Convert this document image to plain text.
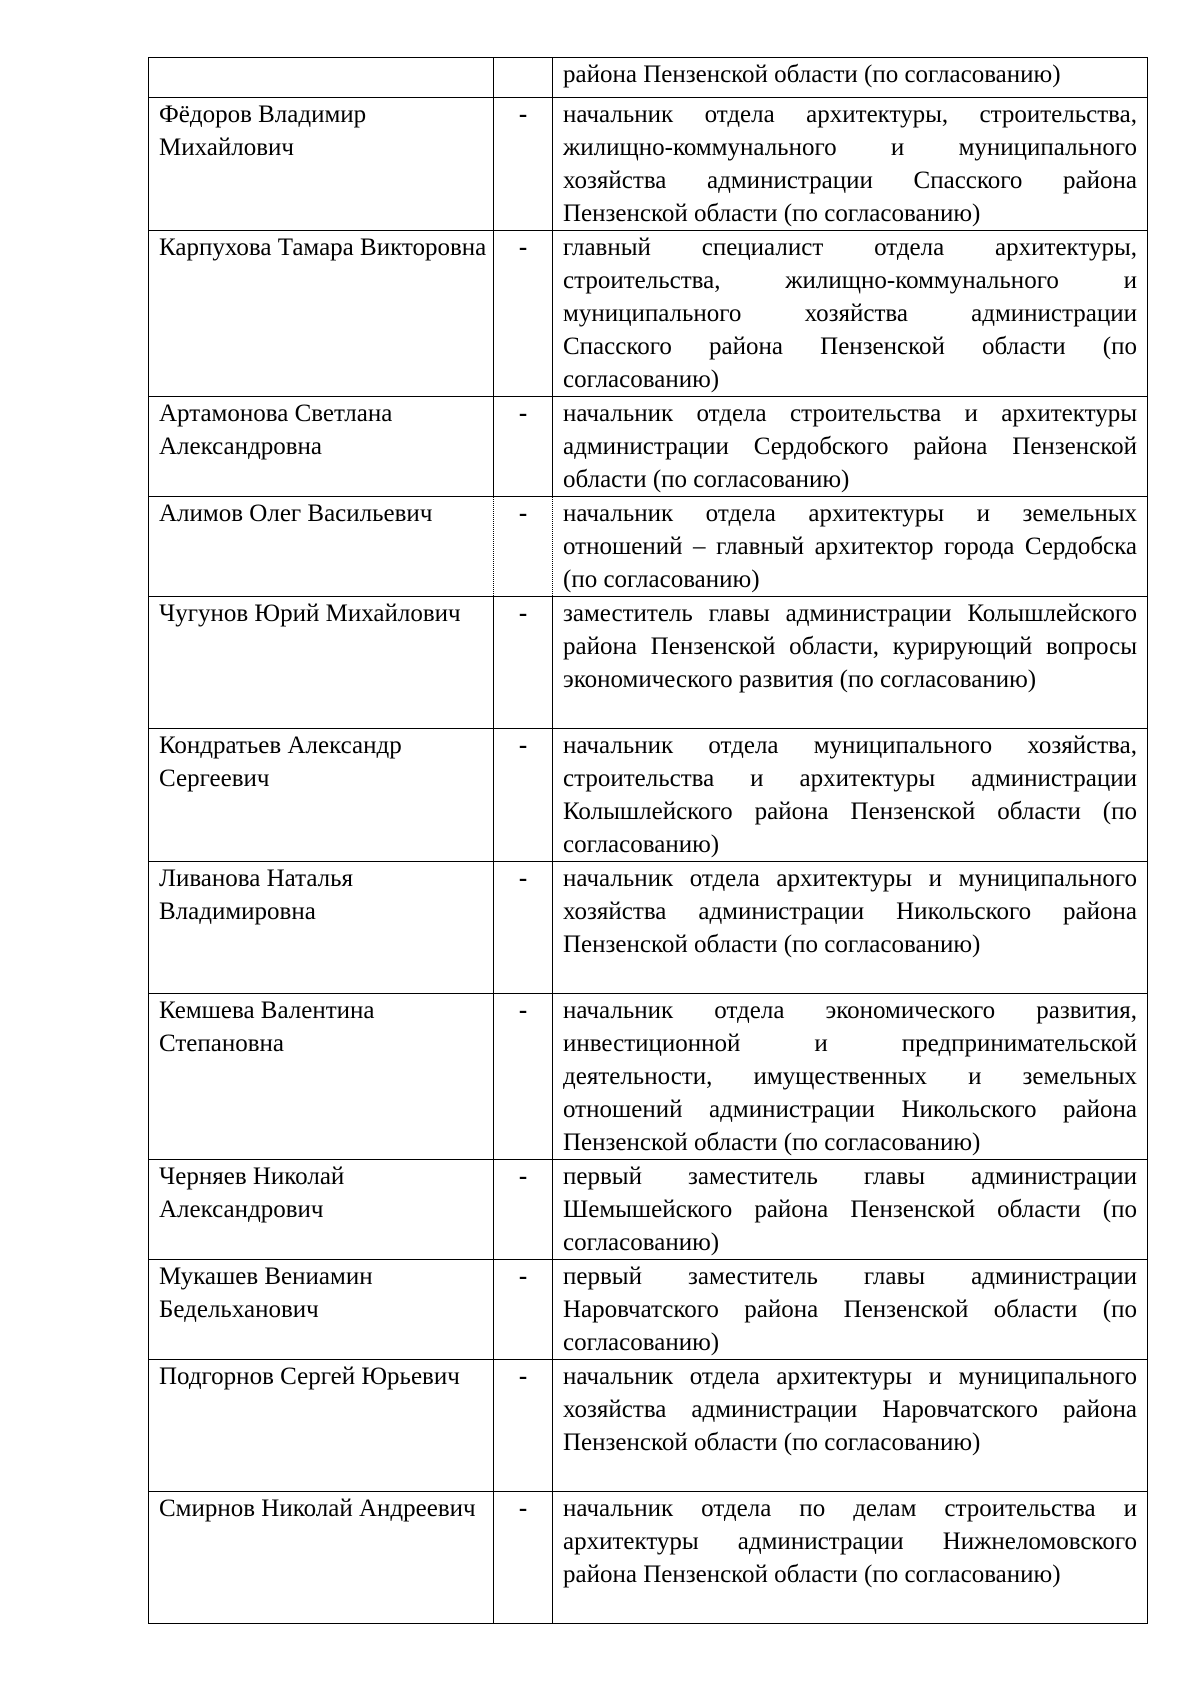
		района Пензенской области (по согласованию)
Фёдоров Владимир Михайлович	-	начальник отдела архитектуры, строительства, жилищно-коммунального и муниципального хозяйства администрации Спасского района Пензенской области (по согласованию)
Карпухова Тамара Викторовна	-	главный специалист отдела архитектуры, строительства, жилищно-коммунального и муниципального хозяйства администрации Спасского района Пензенской области (по согласованию)
Артамонова Светлана Александровна	-	начальник отдела строительства и архитектуры администрации Сердобского района Пензенской области (по согласованию)
Алимов Олег Васильевич	-	начальник отдела архитектуры и земельных отношений – главный архитектор города Сердобска (по согласованию)
Чугунов Юрий Михайлович	-	заместитель главы администрации Колышлейского района Пензенской области, курирующий вопросы экономического развития (по согласованию)
Кондратьев Александр Сергеевич	-	начальник отдела муниципального хозяйства, строительства и архитектуры администрации Колышлейского района Пензенской области (по согласованию)
Ливанова Наталья Владимировна	-	начальник отдела архитектуры и муниципального хозяйства администрации Никольского района Пензенской области (по согласованию)
Кемшева Валентина Степановна	-	начальник отдела экономического развития, инвестиционной и предпринимательской деятельности, имущественных и земельных отношений администрации Никольского района Пензенской области (по согласованию)
Черняев Николай Александрович	-	первый заместитель главы администрации Шемышейского района Пензенской области (по согласованию)
Мукашев Вениамин Бедельханович	-	первый заместитель главы администрации Наровчатского района Пензенской области (по согласованию)
Подгорнов Сергей Юрьевич	-	начальник отдела архитектуры и муниципального хозяйства администрации Наровчатского района Пензенской области (по согласованию)
Смирнов Николай Андреевич	-	начальник отдела по делам строительства и архитектуры администрации Нижнеломовского района Пензенской области (по согласованию)
